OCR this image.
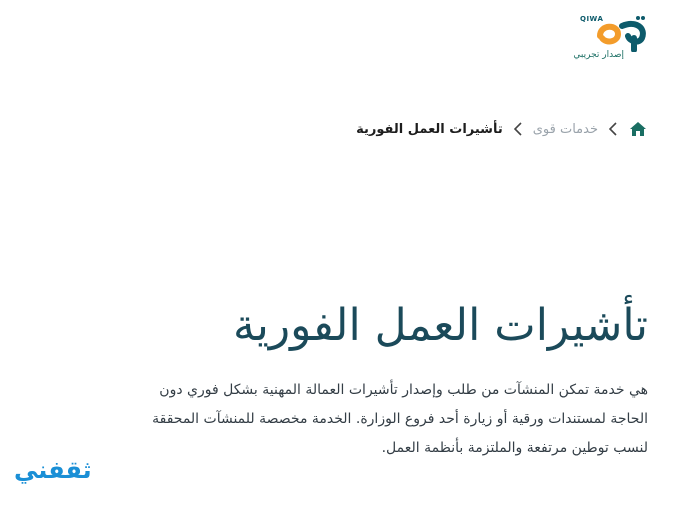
QIWA
إصدار تجريبي
خدمات قوى
تأشيرات العمل الفورية
تأشيرات العمل الفورية

هي خدمة تمكن المنشآت من طلب وإصدار تأشيرات العمالة المهنية بشكل فوري دون الحاجة لمستندات ورقية أو زيارة أحد فروع الوزارة. الخدمة مخصصة للمنشآت المحققة لنسب توطين مرتفعة والملتزمة بأنظمة العمل.

ثقفني
